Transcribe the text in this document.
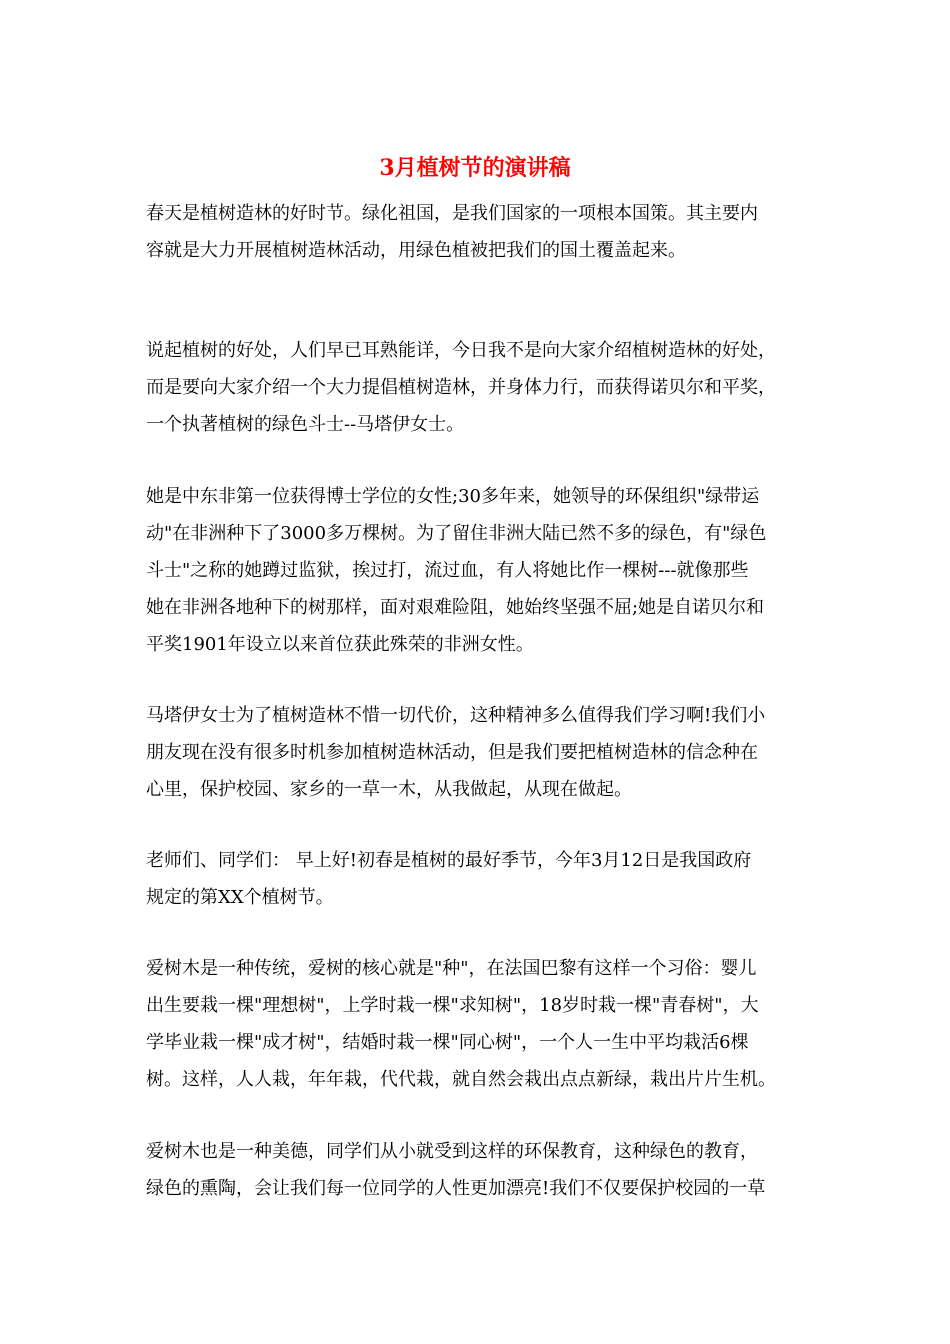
3月植树节的演讲稿

春天是植树造林的好时节。绿化祖国，是我们国家的一项根本国策。其主要内
容就是大力开展植树造林活动，用绿色植被把我们的国土覆盖起来。

说起植树的好处，人们早已耳熟能详，今日我不是向大家介绍植树造林的好处，
而是要向大家介绍一个大力提倡植树造林，并身体力行，而获得诺贝尔和平奖，
一个执著植树的绿色斗士--马塔伊女士。

她是中东非第一位获得博士学位的女性;30多年来，她领导的环保组织"绿带运
动"在非洲种下了3000多万棵树。为了留住非洲大陆已然不多的绿色，有"绿色
斗士"之称的她蹲过监狱，挨过打，流过血，有人将她比作一棵树---就像那些
她在非洲各地种下的树那样，面对艰难险阻，她始终坚强不屈;她是自诺贝尔和
平奖1901年设立以来首位获此殊荣的非洲女性。

马塔伊女士为了植树造林不惜一切代价，这种精神多么值得我们学习啊!我们小
朋友现在没有很多时机参加植树造林活动，但是我们要把植树造林的信念种在
心里，保护校园、家乡的一草一木，从我做起，从现在做起。

老师们、同学们： 早上好!初春是植树的最好季节，今年3月12日是我国政府
规定的第XX个植树节。

爱树木是一种传统，爱树的核心就是"种"，在法国巴黎有这样一个习俗：婴儿
出生要栽一棵"理想树"，上学时栽一棵"求知树"，18岁时栽一棵"青春树"，大
学毕业栽一棵"成才树"，结婚时栽一棵"同心树"，一个人一生中平均栽活6棵
树。这样，人人栽，年年栽，代代栽，就自然会栽出点点新绿，栽出片片生机。

爱树木也是一种美德，同学们从小就受到这样的环保教育，这种绿色的教育，
绿色的熏陶，会让我们每一位同学的人性更加漂亮!我们不仅要保护校园的一草
